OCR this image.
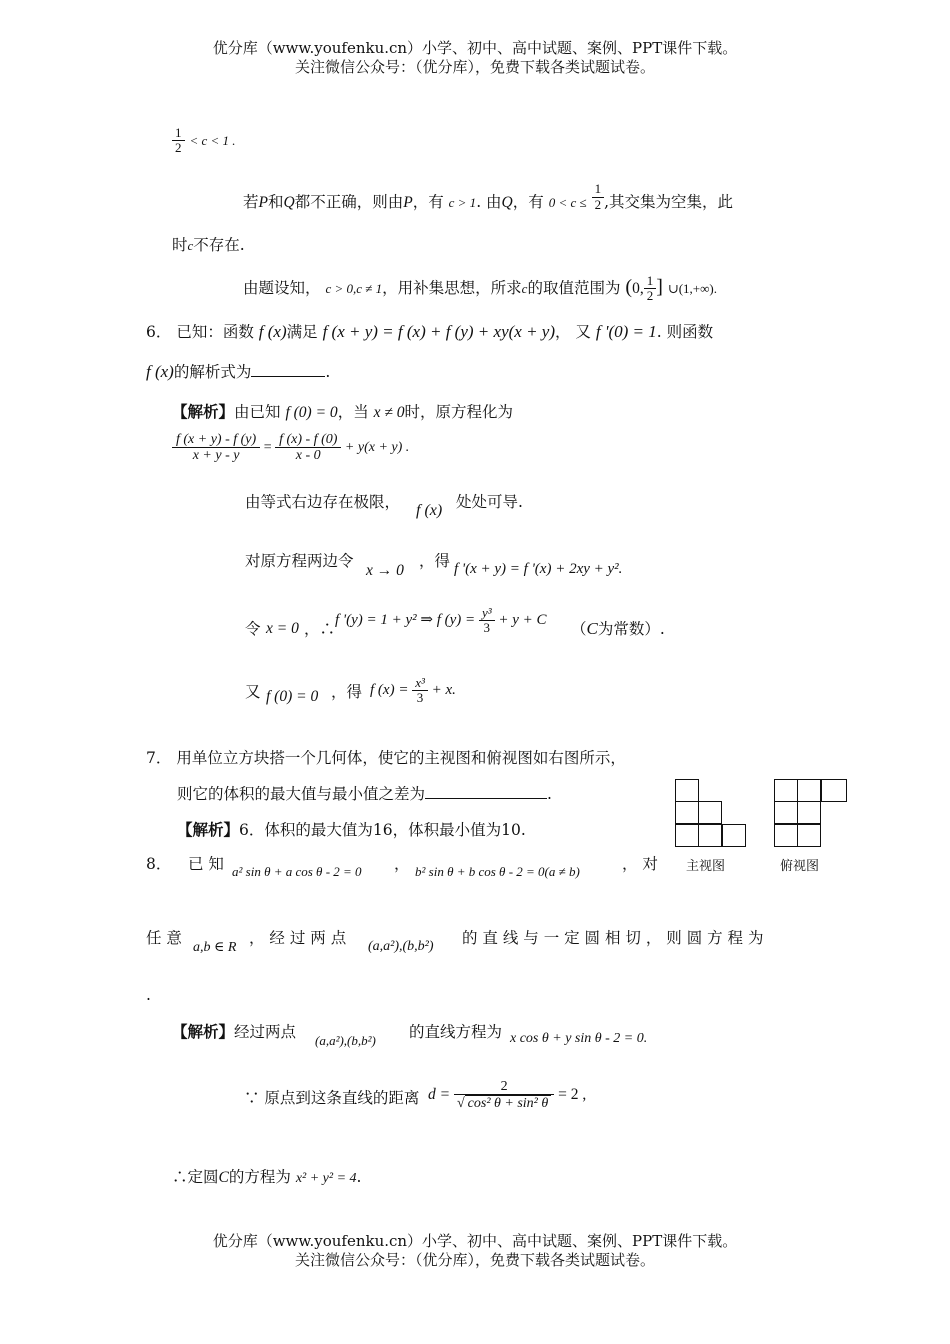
优分库（www.youfenku.cn）小学、初中、高中试题、案例、PPT课件下载。
关注微信公众号：（优分库），免费下载各类试题试卷。
$\frac{1}{2} < c < 1$ .
若P和Q都不正确，则由P，有 c > 1. 由Q，有 $0 < c \le \frac{1}{2}$ ,其交集为空集，此
时c不存在.
由题设知， c > 0,c ≠ 1，用补集思想，所求c的取值范围为 (0, $\frac{1}{2}$ ] ∪(1,+∞).
6． 已知：函数 f (x)满足 f (x + y) = f (x) + f (y) + xy(x + y)， 又 f '(0) = 1. 则函数
f (x)的解析式为	.
【解析】由已知 f (0) = 0，当 x ≠ 0时，原方程化为
$\frac{f (x + y) - f (y)}{x + y - y} = \frac{f (x) - f (0)}{x - 0} + y(x + y)$ .
由等式右边存在极限， f (x) 处处可导.
对原方程两边令
x → 0
，得 f '(x + y) = f '(x) + 2xy + y².
令 x = 0 ，∴ f '(y) = 1 + y² ⇒ f $(y) = \frac{\text{y³}}{3} + y + C$ （C为常数）.
又 f (0) = 0 ，得 f $(x) = \frac{\text{x³}}{3} + x$.
7． 用单位立方块搭一个几何体，使它的主视图和俯视图如右图所示，
则它的体积的最大值与最小值之差为	.
【解析】6．体积的最大值为16，体积最小值为10.
主视图	俯视图
8． 已 知 a² sin θ + a cos θ - 2 = 0 ， b² sin θ + b cos θ - 2 = 0(a ≠ b)	， 对
任 意
a,b ∈ R
， 经 过 两 点 (a,a²),(b,b²) 的 直 线 与 一 定 圆 相 切 ， 则 圆 方 程 为
.
【解析】经过两点 (a,a²),(b,b²) 的直线方程为 x cos θ + y sin θ - 2 = 0.
∵ 原点到这条直线的距离 $d = \frac{2}{\text{√ cos² θ + sin² θ}} = 2$ ,
∴定圆C的方程为 x² + y² = 4.
优分库（www.youfenku.cn）小学、初中、高中试题、案例、PPT课件下载。
关注微信公众号：（优分库），免费下载各类试题试卷。
